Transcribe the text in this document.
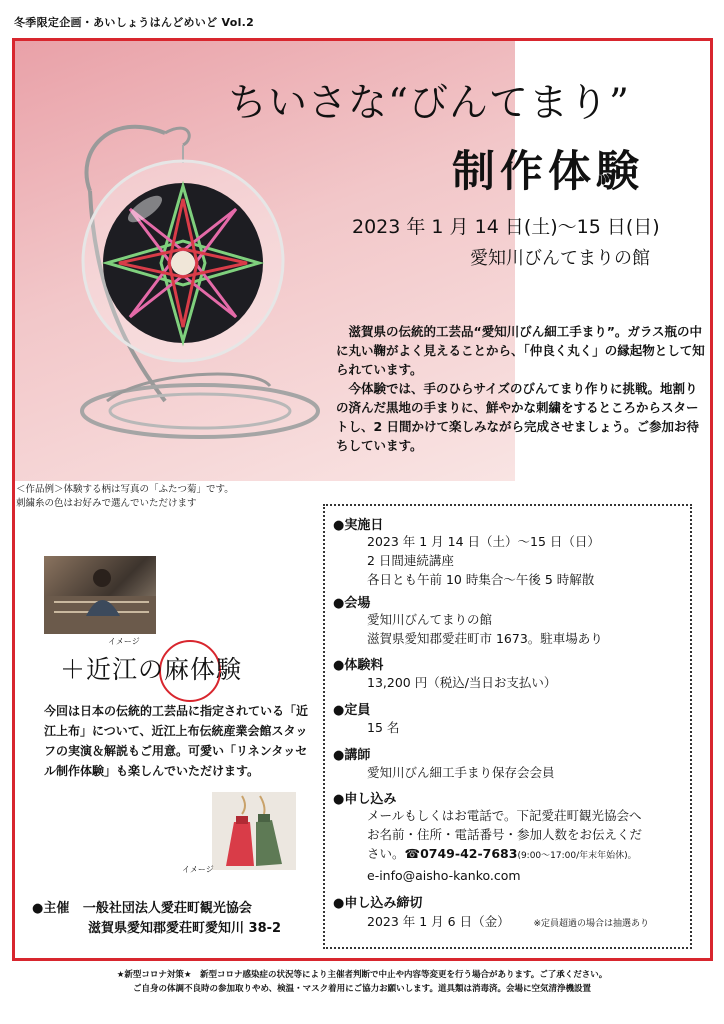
冬季限定企画・あいしょうはんどめいど Vol.2
ちいさな“びんてまり”
制作体験
2023 年 1 月 14 日(土)〜15 日(日)
愛知川びんてまりの館

滋賀県の伝統的工芸品“愛知川びん細工手まり”。ガラス瓶の中に丸い鞠がよく見えることから、「仲良く丸く」の縁起物として知られています。

今体験では、手のひらサイズのびんてまり作りに挑戦。地割りの済んだ黒地の手まりに、鮮やかな刺繍をするところからスタートし、2 日間かけて楽しみながら完成させましょう。ご参加お待ちしています。

＜作品例＞体験する柄は写真の「ふたつ菊」です。
刺繍糸の色はお好みで選んでいただけます
イメージ
＋近江の麻体験
今回は日本の伝統的工芸品に指定されている「近江上布」について、近江上布伝統産業会館スタッフの実演＆解説もご用意。可愛い「リネンタッセル制作体験」も楽しんでいただけます。
イメージ
●主催 一般社団法人愛荘町観光協会
滋賀県愛知郡愛荘町愛知川 38-2
●実施日
2023 年 1 月 14 日（土）〜15 日（日）
2 日間連続講座
各日とも午前 10 時集合〜午後 5 時解散
●会場
愛知川びんてまりの館
滋賀県愛知郡愛荘町市 1673。駐車場あり
●体験料
13,200 円（税込/当日お支払い）
●定員
15 名
●講師
愛知川びん細工手まり保存会会員
●申し込み
メールもしくはお電話で。下記愛荘町観光協会へ
お名前・住所・電話番号・参加人数をお伝えくだ
さい。☎0749-42-7683(9:00〜17:00/年末年始休)。
e-info@aisho-kanko.com
●申し込み締切
2023 年 1 月 6 日（金）	※定員超過の場合は抽選あり
★新型コロナ対策★　新型コロナ感染症の状況等により主催者判断で中止や内容等変更を行う場合があります。ご了承ください。
ご自身の体調不良時の参加取りやめ、検温・マスク着用にご協力お願いします。道具類は消毒済。会場に空気清浄機設置
